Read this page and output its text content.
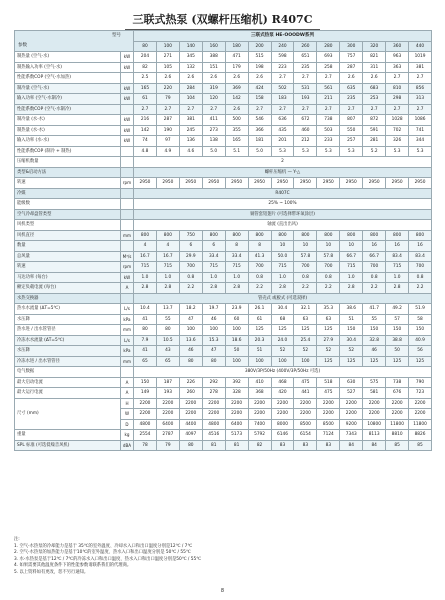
三联式热泵 (双螺杆压缩机) R407C
型号
参数		三联式热泵 HE-OOODW系列												
		80	100	140	160	180	200	240	260	280	300	320	360	440
制热量 (空气-水)	kW	204	271	345	388	471	515	598	651	693	757	821	963	1019
制热输入功率 (空气-水)	kW	82	105	132	151	179	198	223	235	258	287	311	363	381
性能系数COP (空气-水加热)		2.5	2.6	2.6	2.6	2.6	2.6	2.7	2.7	2.7	2.6	2.6	2.7	2.7
制冷量 (空气-水)	kW	165	220	284	319	369	424	502	531	561	635	683	810	856
输入功率 (空气-水制冷)	kW	61	79	104	120	142	158	183	193	211	235	253	298	313
性能系数COP (空气-水制冷)		2.7	2.7	2.7	2.7	2.6	2.7	2.7	2.7	2.7	2.7	2.7	2.7	2.7
制冷量 (水-水)	kW	216	287	381	411	500	546	636	672	738	807	872	1028	1086
制热量 (水-水)	kW	142	190	245	273	355	366	435	460	503	550	591	702	741
输入功率 (水-水)	kW	74	97	136	138	165	181	201	212	233	257	281	326	344
性能系数COP (制冷 + 制热)		4.8	4.9	4.6	5.0	5.1	5.0	5.3	5.3	5.3	5.3	5.2	5.3	5.3
压缩机数量		2												
类型&启动方法		螺杆压缩机 — Y-△												
转速	rpm	2950	2950	2950	2950	2950	2950	2950	2950	2950	2950	2950	2950	2950
冷媒		R407C												
能级数		25% ~ 100%												
空气冷却盘管类型		铜管套铝翅片 (可选择带环氧涂层)												
风机类型		轴流 (直出出风)												
风机直径	mm	800	800	750	800	800	800	800	800	800	800	800	800	800
数量		4	4	6	6	8	8	10	10	10	10	16	16	16
总风量	M³/s	16.7	16.7	29.9	33.4	33.4	41.3	50.0	57.8	57.8	66.7	66.7	83.4	83.4
转速	rpm	715	715	700	715	715	700	715	700	700	715	700	715	700
马达功率 (每台)	kW	1.0	1.0	0.8	1.0	1.0	0.8	1.0	0.8	0.8	1.0	0.8	1.0	0.8
额定负载电流 (每台)	A	2.8	2.8	2.2	2.8	2.8	2.2	2.8	2.2	2.2	2.8	2.2	2.8	2.2
水热交换器		管壳式 或板式 (可选双择)												
热水水流量 (ΔT=5℃)	L/s	10.4	13.7	18.2	19.7	23.9	26.1	30.4	32.1	35.3	38.6	41.7	49.2	51.9
水压降	kPa	41	55	47	46	60	61	68	63	63	51	55	57	58
热水进 / 出水管管径	mm	80	80	100	100	100	125	125	125	125	150	150	150	150
冷冻水水流量 (ΔT=5℃)	L/s	7.9	10.5	13.6	15.3	18.6	20.3	24.0	25.4	27.9	30.4	32.8	38.8	40.9
水压降	kPa	41	43	46	47	50	51	52	52	52	52	46	50	56
冷冻水进 / 出水管管径	mm	65	65	80	80	100	100	100	100	125	125	125	125	125
电气数据		380V/3P/50Hz (400V/3P/50Hz 可选)												
最大启动电流	A	150	187	226	292	392	410	468	475	518	630	575	738	790
最大运行电流	A	149	193	260	278	328	368	420	441	475	527	581	676	723
尺寸 (mm)	H	2200	2200	2200	2200	2200	2200	2200	2200	2200	2200	2200	2200	2200
	W	2200	2200	2200	2200	2200	2200	2200	2200	2200	2200	2200	2200	2200
	D	4800	6400	4400	4800	6400	7400	8000	8500	8500	9200	10800	11800	11800
重量	kg	2554	2787	4097	4516	5173	5792	6146	6154	7124	7343	8113	8810	8826
SPL 标准 (可选低噪音风机)	dBA	78	79	80	81	81	82	83	83	83	84	84	85	85
注:
1. 空气-水热泵的冷却能力是基于 35℃的室外温度、冷却水入口和出口温度分别是12℃ / 7℃
2. 空气-水热泵的加热能力是基于10℃的室外温度、热水入口和出口温度分别是 50℃ / 55℃
3. 水-水热泵是基于12℃ / 7℃的冷冻水入口和出口温度、热水入口和出口温度分别是50℃ / 55℃
4. 如果需要其他温度条件下的性能参数请联系我们的代理商。
5. 以上资料如有更改，恕不另行通知。
8
